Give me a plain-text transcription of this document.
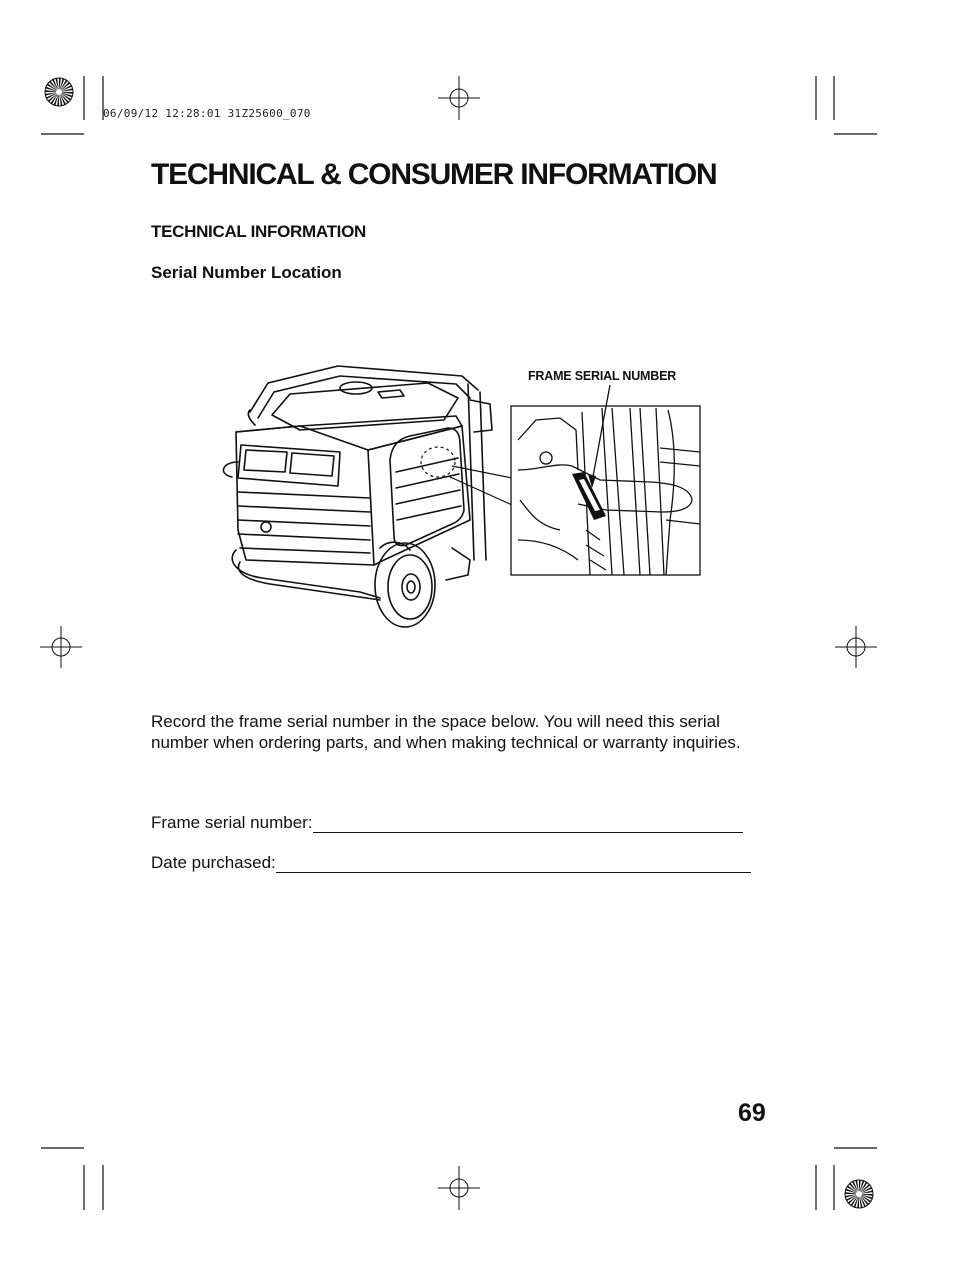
06/09/12 12:28:01 31Z25600_070
TECHNICAL & CONSUMER INFORMATION
TECHNICAL INFORMATION
Serial Number Location
FRAME SERIAL NUMBER

Record the frame serial number in the space below. You will need this serial number when ordering parts, and when making technical or warranty inquiries.

Frame serial number:
Date purchased:
69
